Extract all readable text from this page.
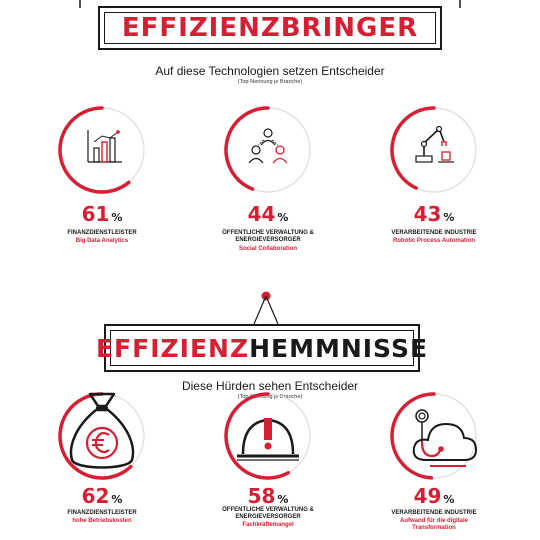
EFFIZIENZBRINGER
Auf diese Technologien setzen Entscheider
(Top-Nennung je Branche)
61 %	44 %	43 %
FINANZDIENSTLEISTER
Big Data Analytics
ÖFFENTLICHE VERWALTUNG & ENERGIEVERSORGER
Social Collaboration
VERARBEITENDE INDUSTRIE
Robotic Process Automation
EFFIZIENZHEMMNISSE
Diese Hürden sehen Entscheider
(Top-Nennung je Branche)
62 %	58 %	49 %
FINANZDIENSTLEISTER
hohe Betriebskosten
ÖFFENTLICHE VERWALTUNG & ENERGIEVERSORGER
Fachkräftemangel
VERARBEITENDE INDUSTRIE
Aufwand für die digitale Transformation
